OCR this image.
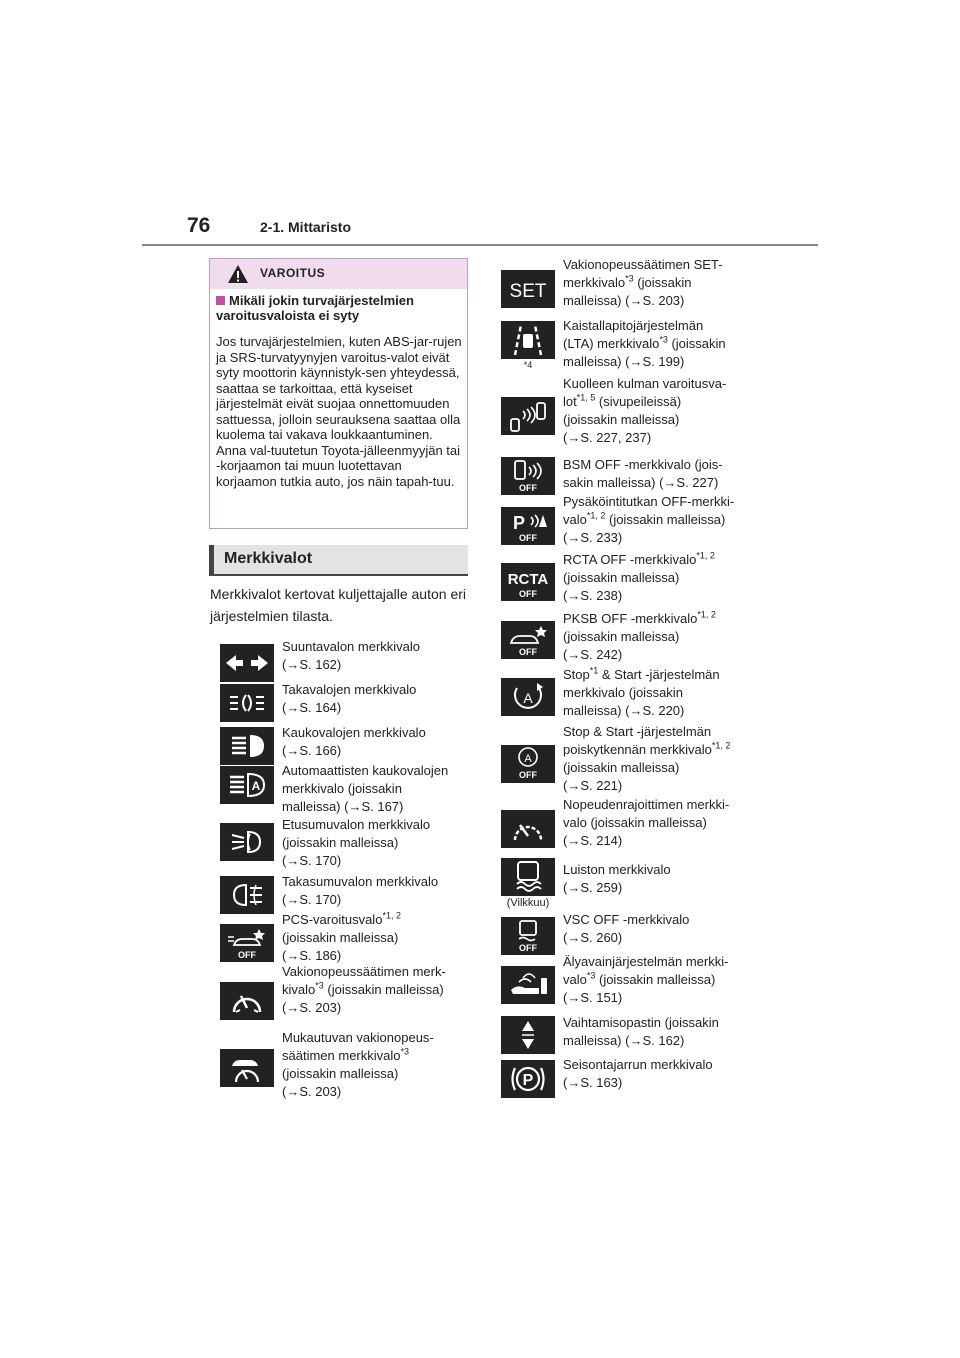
76	2-1. Mittaristo
VAROITUS
Mikäli jokin turvajärjestelmien varoitusvaloista ei syty
Jos turvajärjestelmien, kuten ABS-jar-rujen ja SRS-turvatyynyjen varoitus-valot eivät syty moottorin käynnistyk-sen yhteydessä, saattaa se tarkoittaa, että kyseiset järjestelmät eivät suojaa onnettomuuden sattuessa, jolloin seurauksena saattaa olla kuolema tai vakava loukkaantuminen. Anna val-tuutetun Toyota-jälleenmyyjän tai -korjaamon tai muun luotettavan korjaamon tutkia auto, jos näin tapah-tuu.
Merkkivalot
Merkkivalot kertovat kuljettajalle auton eri järjestelmien tilasta.
Suuntavalon merkkivalo
(→S. 162)
Takavalojen merkkivalo
(→S. 164)
Kaukovalojen merkkivalo
(→S. 166)
A
Automaattisten kaukovalojen
merkkivalo (joissakin
malleissa) (→S. 167)
Etusumuvalon merkkivalo
(joissakin malleissa)
(→S. 170)
Takasumuvalon merkkivalo
(→S. 170)
OFF
PCS-varoitusvalo$^{*1, 2}$
(joissakin malleissa)
(→S. 186)
Vakionopeussäätimen merk-
kivalo$^{*3}$ (joissakin malleissa)
(→S. 203)
Mukautuvan vakionopeus-
säätimen merkkivalo$^{*3}$
(joissakin malleissa)
(→S. 203)
SET
Vakionopeussäätimen SET-
merkkivalo$^{*3}$ (joissakin
malleissa) (→S. 203)
*4
Kaistallapitojärjestelmän
(LTA) merkkivalo$^{*3}$ (joissakin
malleissa) (→S. 199)
Kuolleen kulman varoitusva-
lot$^{*1, 5}$ (sivupeileissä)
(joissakin malleissa)
(→S. 227, 237)
OFF
BSM OFF -merkkivalo (jois-
sakin malleissa) (→S. 227)
P
OFF
Pysäköintitutkan OFF-merkki-
valo$^{*1, 2}$ (joissakin malleissa)
(→S. 233)
RCTA
OFF
RCTA OFF -merkkivalo$^{*1, 2}$
(joissakin malleissa)
(→S. 238)
OFF
PKSB OFF -merkkivalo$^{*1, 2}$
(joissakin malleissa)
(→S. 242)
A
Stop$^{*1}$ & Start -järjestelmän
merkkivalo (joissakin
malleissa) (→S. 220)
A
OFF
Stop & Start -järjestelmän
poiskytkennän merkkivalo$^{*1, 2}$
(joissakin malleissa)
(→S. 221)
Nopeudenrajoittimen merkki-
valo (joissakin malleissa)
(→S. 214)
(Vilkkuu)
Luiston merkkivalo
(→S. 259)
OFF
VSC OFF -merkkivalo
(→S. 260)
Älyavainjärjestelmän merkki-
valo$^{*3}$ (joissakin malleissa)
(→S. 151)
Vaihtamisopastin (joissakin
malleissa) (→S. 162)
P
Seisontajarrun merkkivalo
(→S. 163)
